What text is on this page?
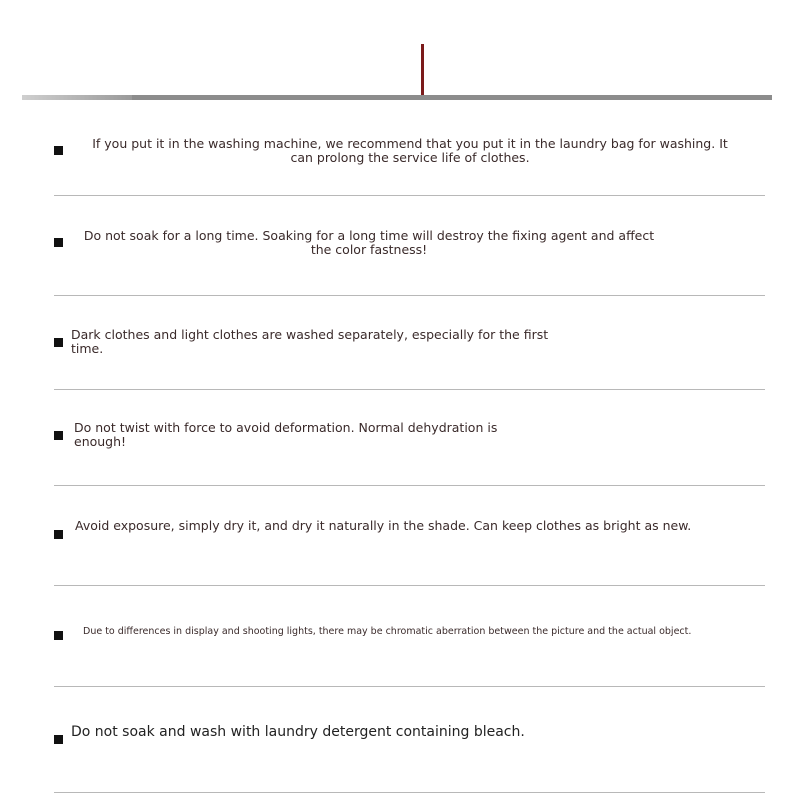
If you put it in the washing machine, we recommend that you put it in the laundry bag for washing. It can prolong the service life of clothes.
Do not soak for a long time. Soaking for a long time will destroy the fixing agent and affect the color fastness!
Dark clothes and light clothes are washed separately, especially for the first time.
Do not twist with force to avoid deformation. Normal dehydration is enough!
Avoid exposure, simply dry it, and dry it naturally in the shade. Can keep clothes as bright as new.
Due to differences in display and shooting lights, there may be chromatic aberration between the picture and the actual object.
Do not soak and wash with laundry detergent containing bleach.
